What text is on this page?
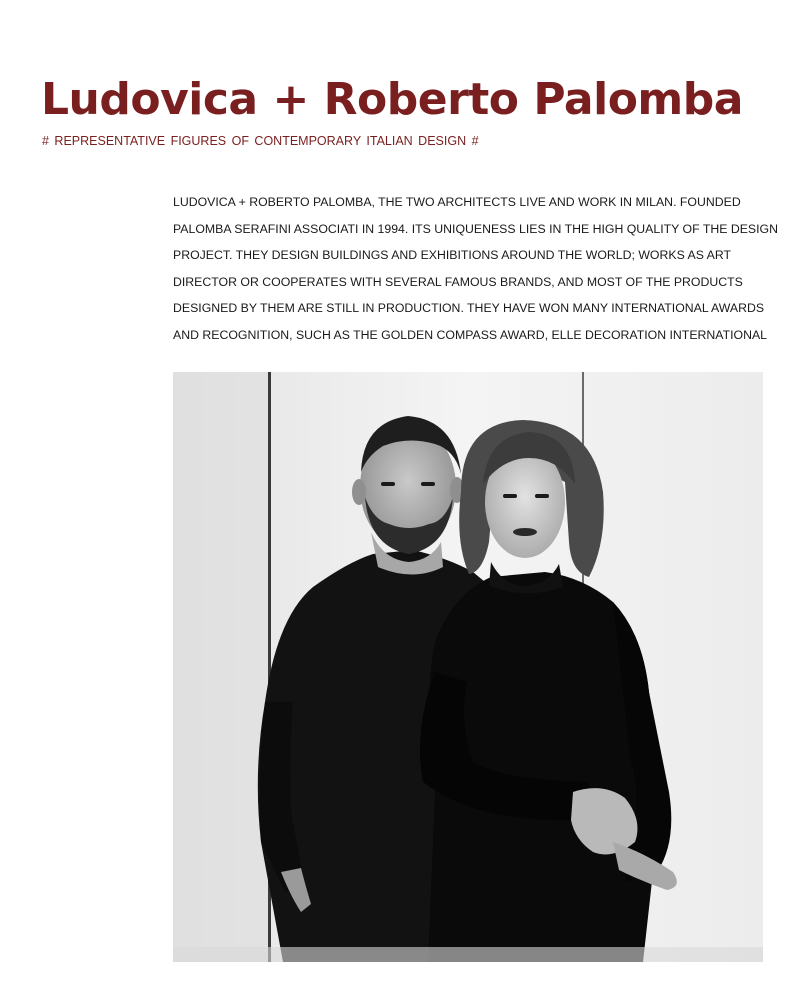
Ludovica + Roberto Palomba
# REPRESENTATIVE FIGURES OF CONTEMPORARY ITALIAN DESIGN #
LUDOVICA + ROBERTO PALOMBA, THE TWO ARCHITECTS LIVE AND WORK IN MILAN. FOUNDED
PALOMBA SERAFINI ASSOCIATI IN 1994. ITS UNIQUENESS LIES IN THE HIGH QUALITY OF THE DESIGN
PROJECT. THEY DESIGN BUILDINGS AND EXHIBITIONS AROUND THE WORLD; WORKS AS ART
DIRECTOR OR COOPERATES WITH SEVERAL FAMOUS BRANDS, AND MOST OF THE PRODUCTS
DESIGNED BY THEM ARE STILL IN PRODUCTION. THEY HAVE WON MANY INTERNATIONAL AWARDS
AND RECOGNITION, SUCH AS THE GOLDEN COMPASS AWARD, ELLE DECORATION INTERNATIONAL
